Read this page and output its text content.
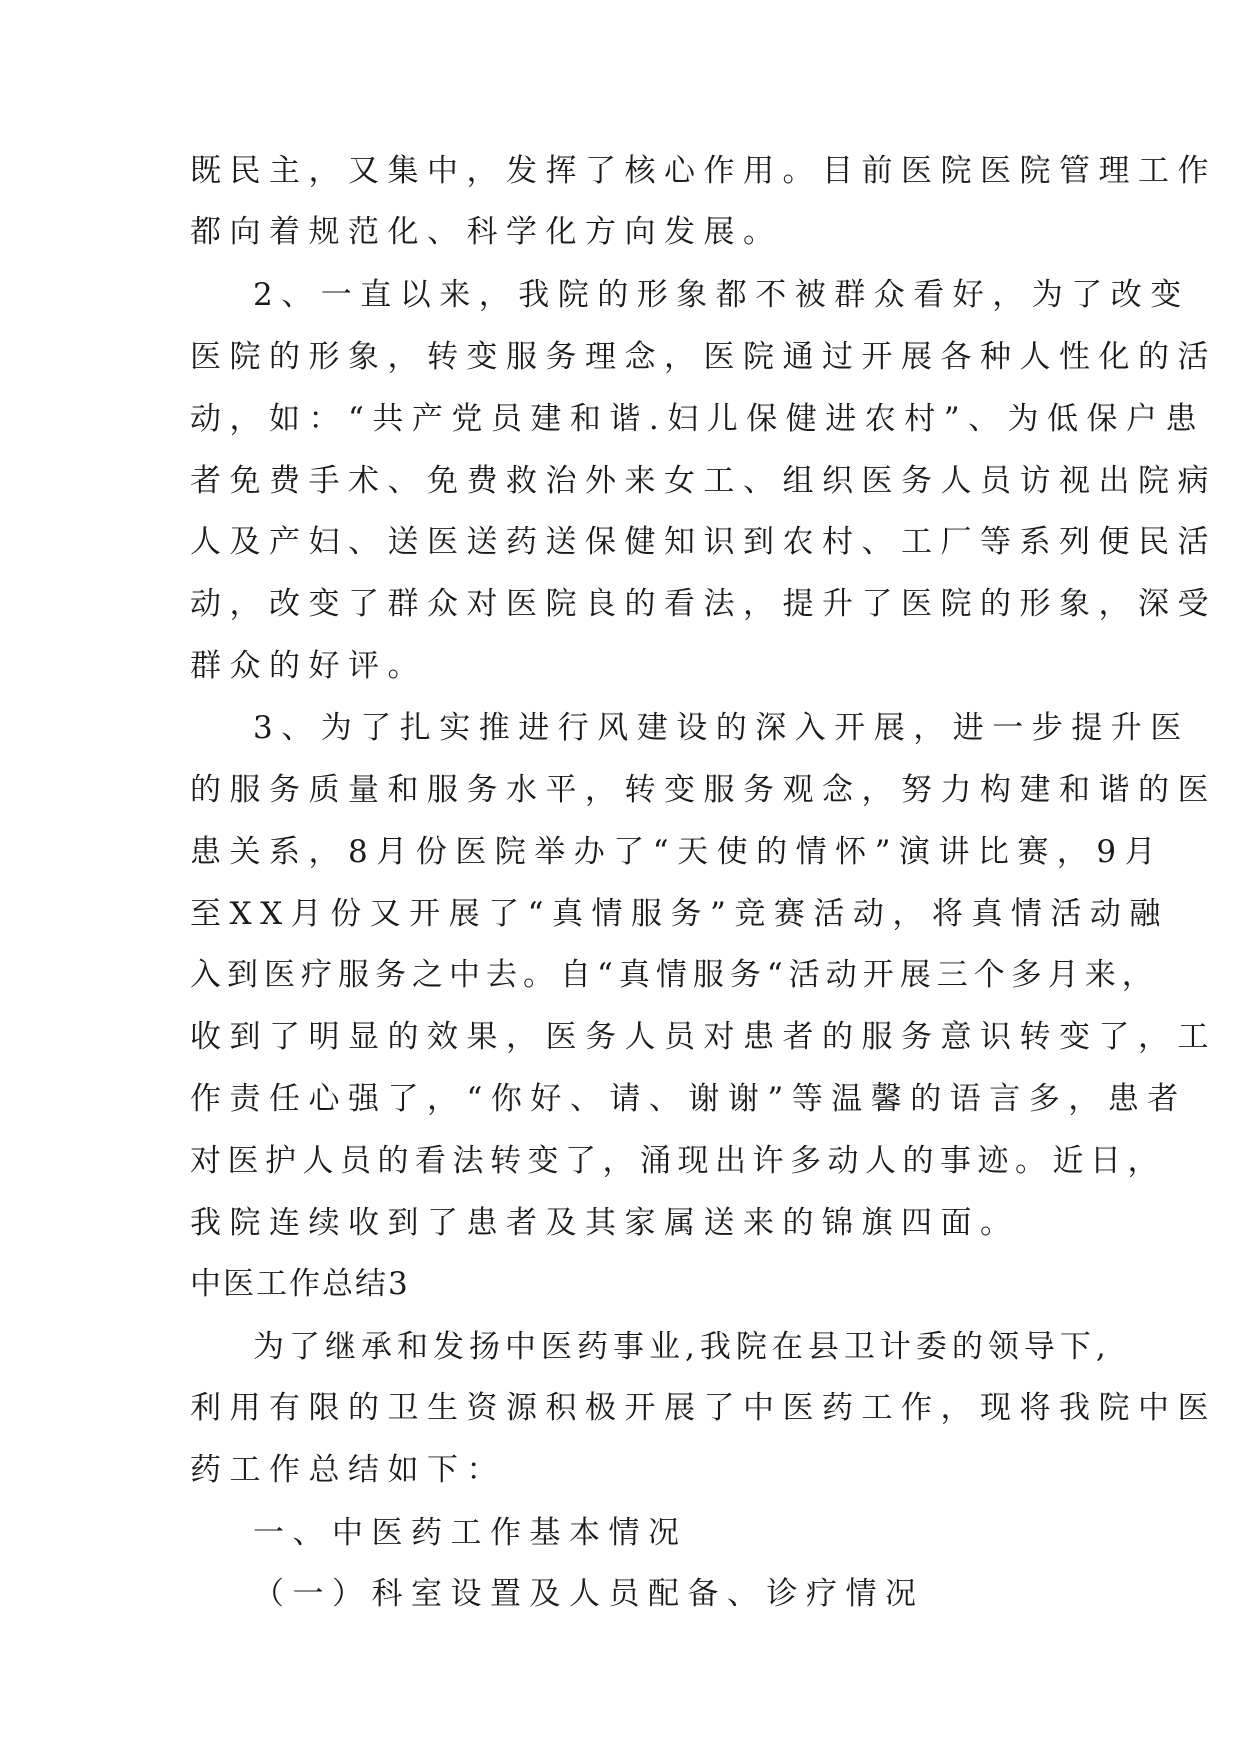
既民主，又集中，发挥了核心作用。目前医院医院管理工作
都向着规范化、科学化方向发展。
2、一直以来，我院的形象都不被群众看好，为了改变
医院的形象，转变服务理念，医院通过开展各种人性化的活
动，如：“共产党员建和谐.妇儿保健进农村”、为低保户患
者免费手术、免费救治外来女工、组织医务人员访视出院病
人及产妇、送医送药送保健知识到农村、工厂等系列便民活
动，改变了群众对医院良的看法，提升了医院的形象，深受
群众的好评。
3、为了扎实推进行风建设的深入开展，进一步提升医
的服务质量和服务水平，转变服务观念，努力构建和谐的医
患关系，8月份医院举办了“天使的情怀”演讲比赛，9月
至XX月份又开展了“真情服务”竞赛活动，将真情活动融
入到医疗服务之中去。自“真情服务“活动开展三个多月来，
收到了明显的效果，医务人员对患者的服务意识转变了，工
作责任心强了，“你好、请、谢谢”等温馨的语言多，患者
对医护人员的看法转变了，涌现出许多动人的事迹。近日，
我院连续收到了患者及其家属送来的锦旗四面。
中医工作总结3
为了继承和发扬中医药事业,我院在县卫计委的领导下,
利用有限的卫生资源积极开展了中医药工作，现将我院中医
药工作总结如下：
一、中医药工作基本情况
（一）科室设置及人员配备、诊疗情况
